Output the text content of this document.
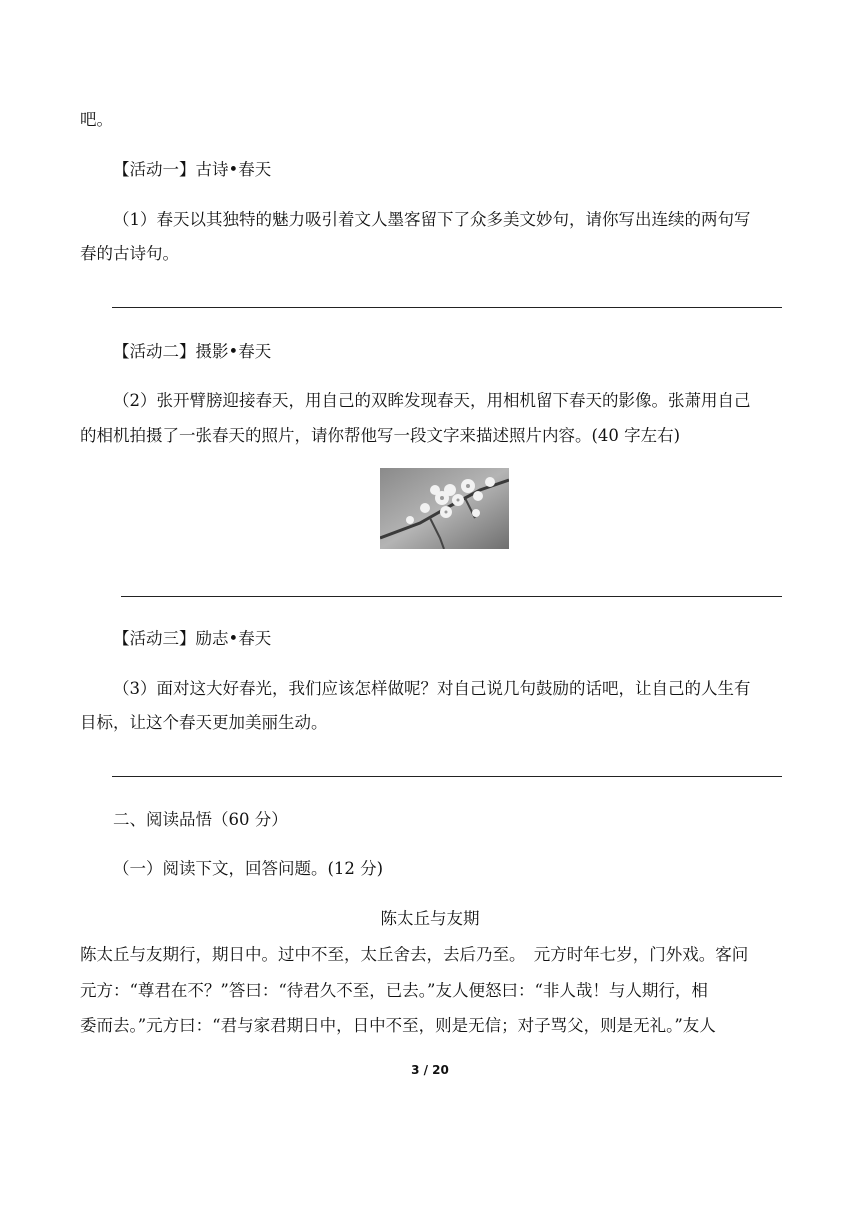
吧。
【活动一】古诗•春天
（1）春天以其独特的魅力吸引着文人墨客留下了众多美文妙句，请你写出连续的两句写
春的古诗句。
【活动二】摄影•春天
（2）张开臂膀迎接春天，用自己的双眸发现春天，用相机留下春天的影像。张萧用自己
的相机拍摄了一张春天的照片，请你帮他写一段文字来描述照片内容。(40 字左右)
【活动三】励志•春天
（3）面对这大好春光，我们应该怎样做呢？对自己说几句鼓励的话吧，让自己的人生有
目标，让这个春天更加美丽生动。
二、阅读品悟（60 分）
（一）阅读下文，回答问题。(12 分)
陈太丘与友期
陈太丘与友期行，期日中。过中不至，太丘舍去，去后乃至。　元方时年七岁，门外戏。客问
元方：“尊君在不？”答曰：“待君久不至，已去。”友人便怒曰：“非人哉！与人期行，相
委而去。”元方曰：“君与家君期日中，日中不至，则是无信；对子骂父，则是无礼。”友人
3 / 20
